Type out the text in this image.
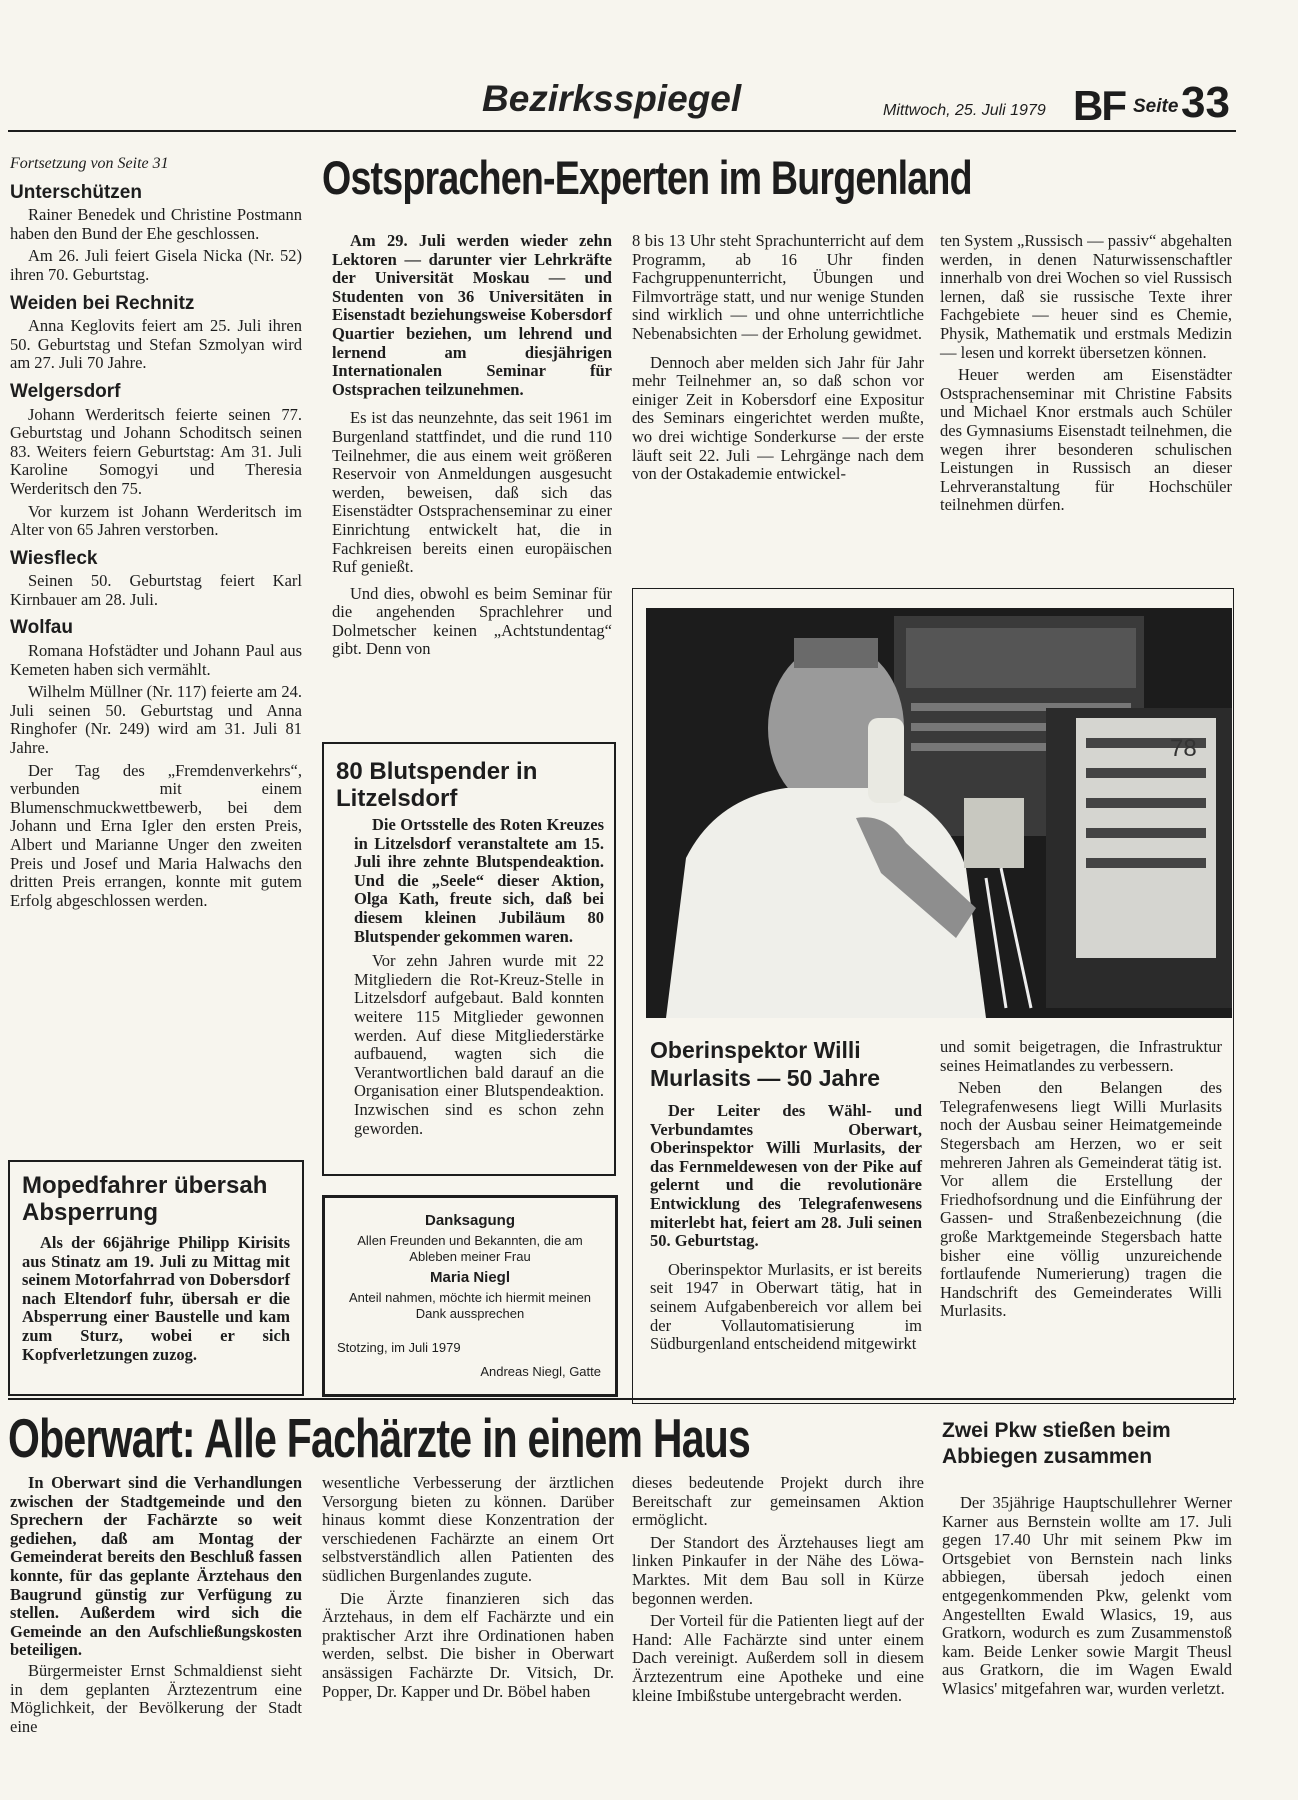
Bezirksspiegel	Mittwoch, 25. Juli 1979 BF Seite 33

Fortsetzung von Seite 31

Unterschützen

Rainer Benedek und Christine Postmann haben den Bund der Ehe geschlossen.

Am 26. Juli feiert Gisela Nicka (Nr. 52) ihren 70. Geburtstag.

Weiden bei Rechnitz

Anna Keglovits feiert am 25. Juli ihren 50. Geburtstag und Stefan Szmolyan wird am 27. Juli 70 Jahre.

Welgersdorf

Johann Werderitsch feierte seinen 77. Geburtstag und Johann Schoditsch seinen 83. Weiters feiern Geburtstag: Am 31. Juli Karoline Somogyi und Theresia Werderitsch den 75.

Vor kurzem ist Johann Werderitsch im Alter von 65 Jahren verstorben.

Wiesfleck

Seinen 50. Geburtstag feiert Karl Kirnbauer am 28. Juli.

Wolfau

Romana Hofstädter und Johann Paul aus Kemeten haben sich vermählt.

Wilhelm Müllner (Nr. 117) feierte am 24. Juli seinen 50. Geburtstag und Anna Ringhofer (Nr. 249) wird am 31. Juli 81 Jahre.

Der Tag des „Fremdenverkehrs“, verbunden mit einem Blumenschmuckwettbewerb, bei dem Johann und Erna Igler den ersten Preis, Albert und Marianne Unger den zweiten Preis und Josef und Maria Halwachs den dritten Preis errangen, konnte mit gutem Erfolg abgeschlossen werden.

Mopedfahrer übersah Absperrung

Als der 66jährige Philipp Kirisits aus Stinatz am 19. Juli zu Mittag mit seinem Motorfahrrad von Dobersdorf nach Eltendorf fuhr, übersah er die Absperrung einer Baustelle und kam zum Sturz, wobei er sich Kopfverletzungen zuzog.

Ostsprachen-Experten im Burgenland

Am 29. Juli werden wieder zehn Lektoren — darunter vier Lehrkräfte der Universität Moskau — und Studenten von 36 Universitäten in Eisenstadt beziehungsweise Kobersdorf Quartier beziehen, um lehrend und lernend am diesjährigen Internationalen Seminar für Ostsprachen teilzunehmen.

Es ist das neunzehnte, das seit 1961 im Burgenland stattfindet, und die rund 110 Teilnehmer, die aus einem weit größeren Reservoir von Anmeldungen ausgesucht werden, beweisen, daß sich das Eisenstädter Ostsprachenseminar zu einer Einrichtung entwickelt hat, die in Fachkreisen bereits einen europäischen Ruf genießt.

Und dies, obwohl es beim Seminar für die angehenden Sprachlehrer und Dolmetscher keinen „Achtstundentag“ gibt. Denn von

8 bis 13 Uhr steht Sprachunterricht auf dem Programm, ab 16 Uhr finden Fachgruppenunterricht, Übungen und Filmvorträge statt, und nur wenige Stunden sind wirklich — und ohne unterrichtliche Nebenabsichten — der Erholung gewidmet.

Dennoch aber melden sich Jahr für Jahr mehr Teilnehmer an, so daß schon vor einiger Zeit in Kobersdorf eine Expositur des Seminars eingerichtet werden mußte, wo drei wichtige Sonderkurse — der erste läuft seit 22. Juli — Lehrgänge nach dem von der Ostakademie entwickel-

ten System „Russisch — passiv“ abgehalten werden, in denen Naturwissenschaftler innerhalb von drei Wochen so viel Russisch lernen, daß sie russische Texte ihrer Fachgebiete — heuer sind es Chemie, Physik, Mathematik und erstmals Medizin — lesen und korrekt übersetzen können.

Heuer werden am Eisenstädter Ostsprachenseminar mit Christine Fabsits und Michael Knor erstmals auch Schüler des Gymnasiums Eisenstadt teilnehmen, die wegen ihrer besonderen schulischen Leistungen in Russisch an dieser Lehrveranstaltung für Hochschüler teilnehmen dürfen.

80 Blutspender in Litzelsdorf

Die Ortsstelle des Roten Kreuzes in Litzelsdorf veranstaltete am 15. Juli ihre zehnte Blutspendeaktion. Und die „Seele“ dieser Aktion, Olga Kath, freute sich, daß bei diesem kleinen Jubiläum 80 Blutspender gekommen waren.

Vor zehn Jahren wurde mit 22 Mitgliedern die Rot-Kreuz-Stelle in Litzelsdorf aufgebaut. Bald konnten weitere 115 Mitglieder gewonnen werden. Auf diese Mitgliederstärke aufbauend, wagten sich die Verantwortlichen bald darauf an die Organisation einer Blutspendeaktion. Inzwischen sind es schon zehn geworden.

Danksagung
Allen Freunden und Bekannten, die am Ableben meiner Frau
Maria Niegl
Anteil nahmen, möchte ich hiermit meinen Dank aussprechen
Stotzing, im Juli 1979
Andreas Niegl, Gatte
78
Oberinspektor Willi Murlasits — 50 Jahre

Der Leiter des Wähl- und Verbundamtes Oberwart, Oberinspektor Willi Murlasits, der das Fernmeldewesen von der Pike auf gelernt und die revolutionäre Entwicklung des Telegrafenwesens miterlebt hat, feiert am 28. Juli seinen 50. Geburtstag.

Oberinspektor Murlasits, er ist bereits seit 1947 in Oberwart tätig, hat in seinem Aufgabenbereich vor allem bei der Vollautomatisierung im Südburgenland entscheidend mitgewirkt

und somit beigetragen, die Infrastruktur seines Heimatlandes zu verbessern.

Neben den Belangen des Telegrafenwesens liegt Willi Murlasits noch der Ausbau seiner Heimatgemeinde Stegersbach am Herzen, wo er seit mehreren Jahren als Gemeinderat tätig ist. Vor allem die Erstellung der Friedhofsordnung und die Einführung der Gassen- und Straßenbezeichnung (die große Marktgemeinde Stegersbach hatte bisher eine völlig unzureichende fortlaufende Numerierung) tragen die Handschrift des Gemeinderates Willi Murlasits.

Oberwart: Alle Fachärzte in einem Haus

In Oberwart sind die Verhandlungen zwischen der Stadtgemeinde und den Sprechern der Fachärzte so weit gediehen, daß am Montag der Gemeinderat bereits den Beschluß fassen konnte, für das geplante Ärztehaus den Baugrund günstig zur Verfügung zu stellen. Außerdem wird sich die Gemeinde an den Aufschließungskosten beteiligen.

Bürgermeister Ernst Schmaldienst sieht in dem geplanten Ärztezentrum eine Möglichkeit, der Bevölkerung der Stadt eine

wesentliche Verbesserung der ärztlichen Versorgung bieten zu können. Darüber hinaus kommt diese Konzentration der verschiedenen Fachärzte an einem Ort selbstverständlich allen Patienten des südlichen Burgenlandes zugute.

Die Ärzte finanzieren sich das Ärztehaus, in dem elf Fachärzte und ein praktischer Arzt ihre Ordinationen haben werden, selbst. Die bisher in Oberwart ansässigen Fachärzte Dr. Vitsich, Dr. Popper, Dr. Kapper und Dr. Böbel haben

dieses bedeutende Projekt durch ihre Bereitschaft zur gemeinsamen Aktion ermöglicht.

Der Standort des Ärztehauses liegt am linken Pinkaufer in der Nähe des Löwa-Marktes. Mit dem Bau soll in Kürze begonnen werden.

Der Vorteil für die Patienten liegt auf der Hand: Alle Fachärzte sind unter einem Dach vereinigt. Außerdem soll in diesem Ärztezentrum eine Apotheke und eine kleine Imbißstube untergebracht werden.

Zwei Pkw stießen beim Abbiegen zusammen

Der 35jährige Hauptschullehrer Werner Karner aus Bernstein wollte am 17. Juli gegen 17.40 Uhr mit seinem Pkw im Ortsgebiet von Bernstein nach links abbiegen, übersah jedoch einen entgegenkommenden Pkw, gelenkt vom Angestellten Ewald Wlasics, 19, aus Gratkorn, wodurch es zum Zusammenstoß kam. Beide Lenker sowie Margit Theusl aus Gratkorn, die im Wagen Ewald Wlasics' mitgefahren war, wurden verletzt.
